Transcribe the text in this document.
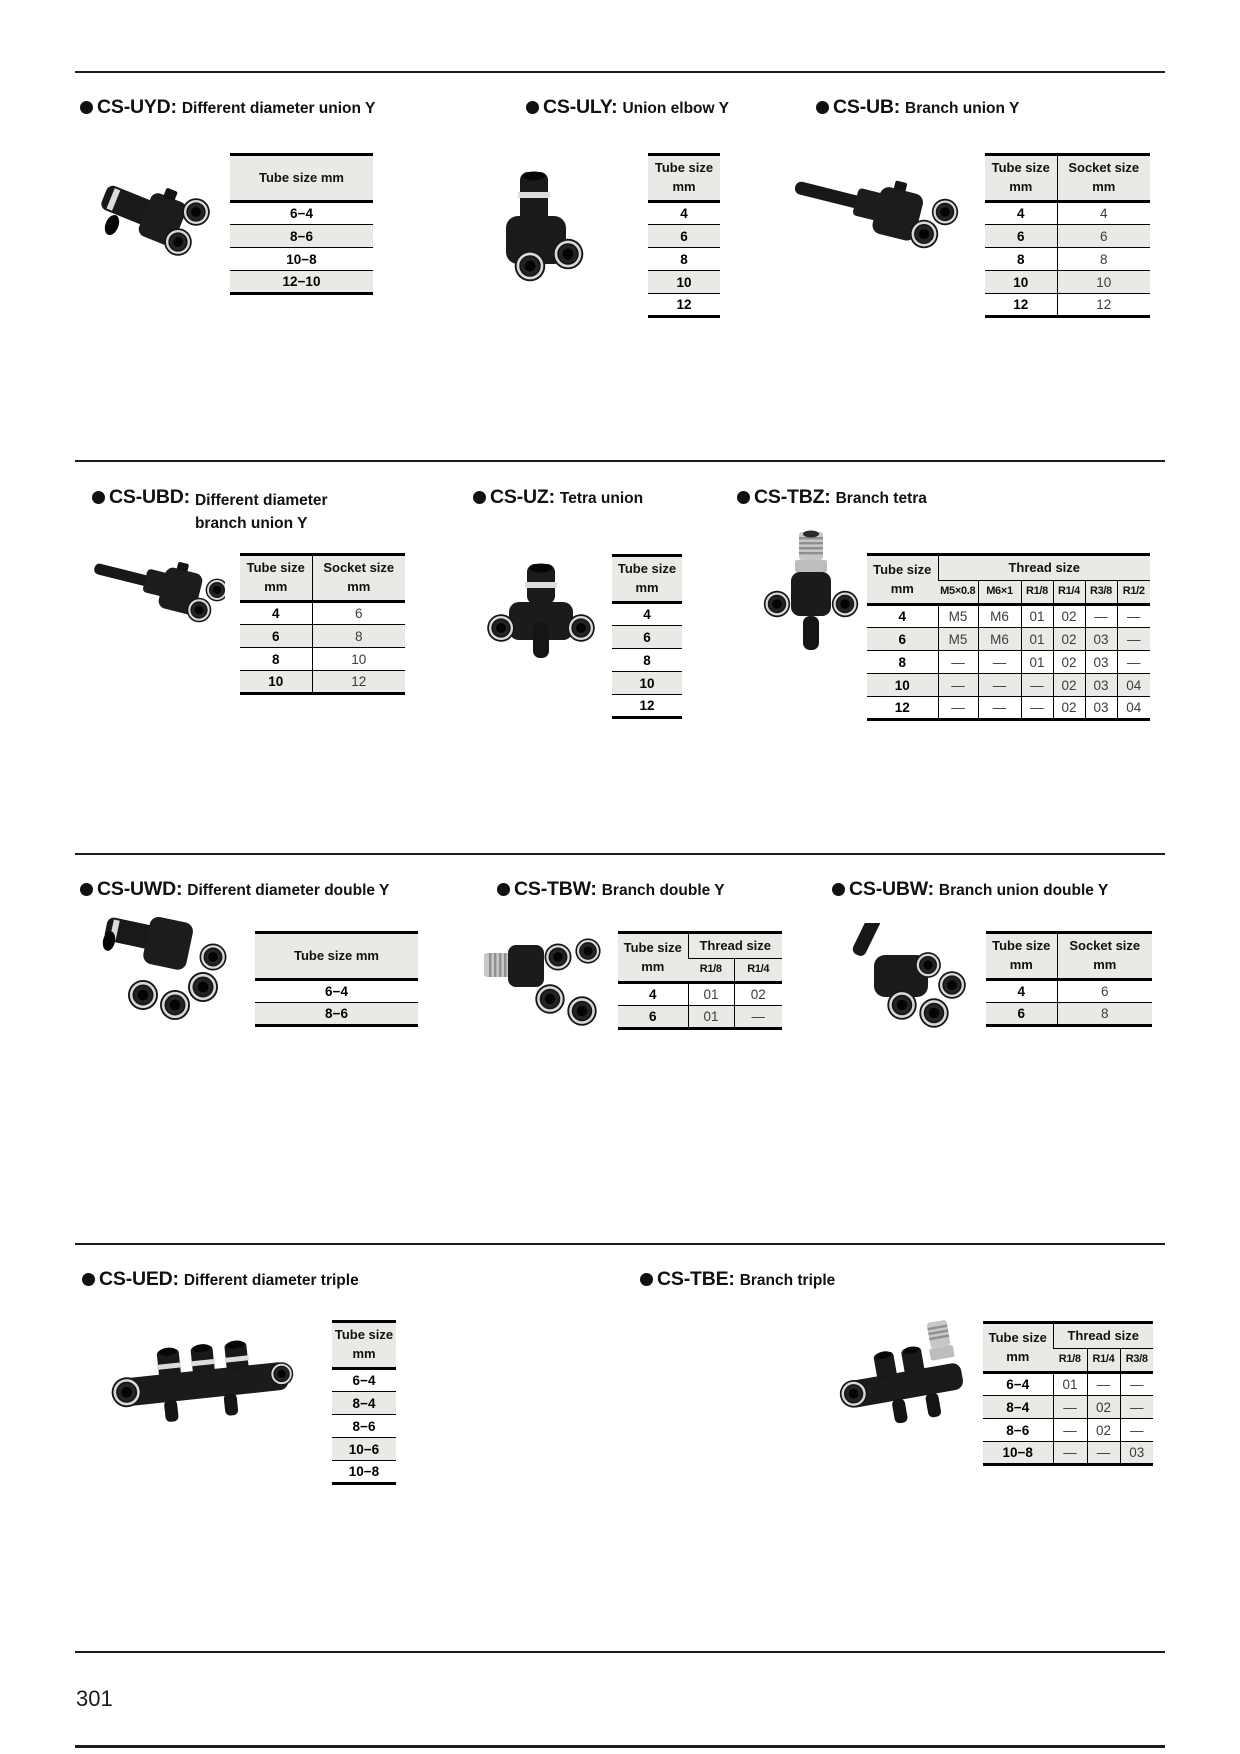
CS-UYD: Different diameter union Y	CS-ULY: Union elbow Y	CS-UB: Branch union Y
Tube size mm
6−4
8−6
10−8
12−10
Tube size
mm
4
6
8
10
12
Tube size
mm	Socket size
mm
4	4
6	6
8	8
10	10
12	12
CS-UBD: Different diameter
branch union Y
CS-UZ: Tetra union	CS-TBZ: Branch tetra
Tube size
mm	Socket size
mm
4	6
6	8
8	10
10	12
Tube size
mm
4
6
8
10
12
Tube size
mm	Thread size					
	M5×0.8	M6×1	R1/8	R1/4	R3/8	R1/2
4	M5	M6	01	02	—	—
6	M5	M6	01	02	03	—
8	—	—	01	02	03	—
10	—	—	—	02	03	04
12	—	—	—	02	03	04
CS-UWD: Different diameter double Y	CS-TBW: Branch double Y	CS-UBW: Branch union double Y
Tube size mm
6−4
8−6
Tube size
mm	Thread size	
	R1/8	R1/4
4	01	02
6	01	—
Tube size
mm	Socket size
mm
4	6
6	8
CS-UED: Different diameter triple	CS-TBE: Branch triple
Tube size
mm
6−4
8−4
8−6
10−6
10−8
Tube size
mm	Thread size		
	R1/8	R1/4	R3/8
6−4	01	—	—
8−4	—	02	—
8−6	—	02	—
10−8	—	—	03
301
